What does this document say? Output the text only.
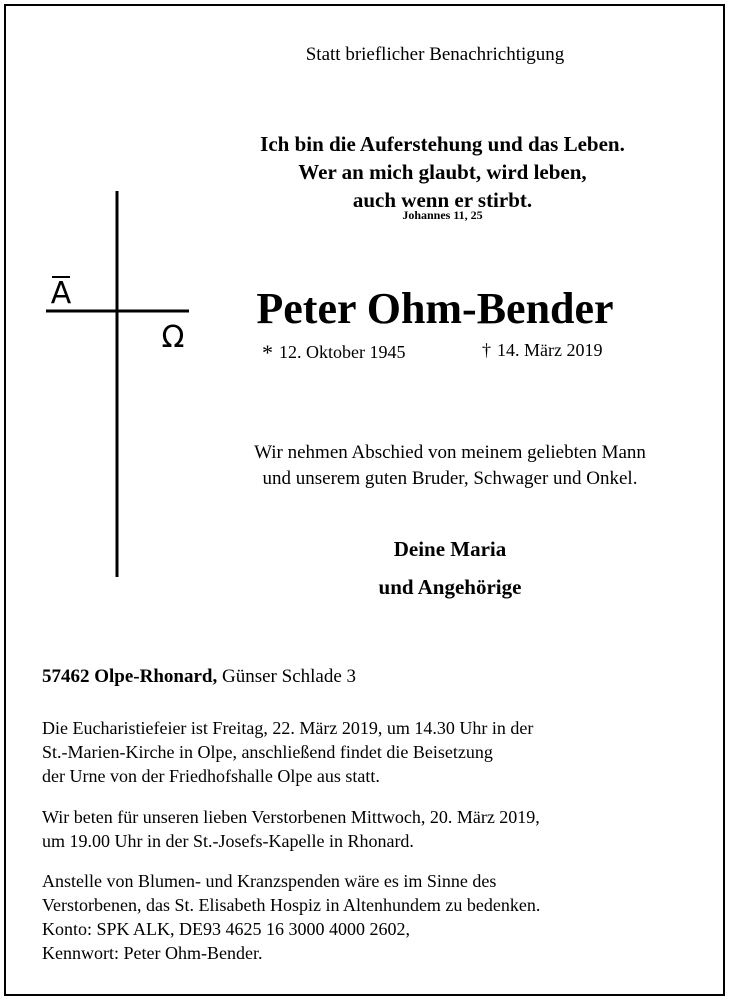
Statt brieflicher Benachrichtigung
Ich bin die Auferstehung und das Leben.
Wer an mich glaubt, wird leben,
auch wenn er stirbt.
Johannes 11, 25
A
Ω
Peter Ohm-Bender
* 12. Oktober 1945	† 14. März 2019
Wir nehmen Abschied von meinem geliebten Mann
und unserem guten Bruder, Schwager und Onkel.
Deine Maria
und Angehörige
57462 Olpe-Rhonard, Günser Schlade 3
Die Eucharistiefeier ist Freitag, 22. März 2019, um 14.30 Uhr in der
St.-Marien-Kirche in Olpe, anschließend findet die Beisetzung
der Urne von der Friedhofshalle Olpe aus statt.
Wir beten für unseren lieben Verstorbenen Mittwoch, 20. März 2019,
um 19.00 Uhr in der St.-Josefs-Kapelle in Rhonard.
Anstelle von Blumen- und Kranzspenden wäre es im Sinne des
Verstorbenen, das St. Elisabeth Hospiz in Altenhundem zu bedenken.
Konto: SPK ALK, DE93 4625 16 3000 4000 2602,
Kennwort: Peter Ohm-Bender.
